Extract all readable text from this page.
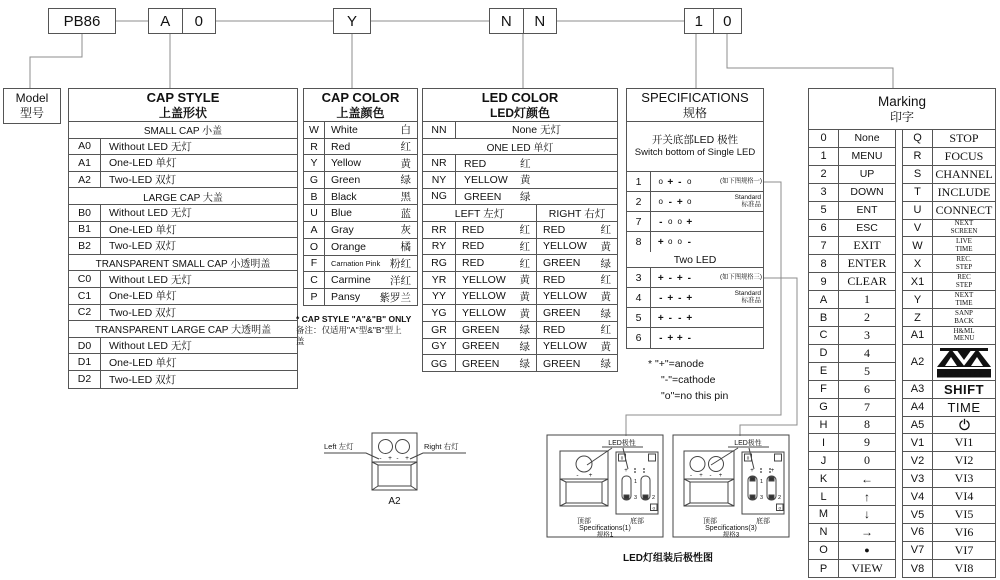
PB86	A	0	Y	N	N	1	0
Model
型号
CAP STYLE
上盖形状
SMALL CAP 小盖
A0	Without LED 无灯
A1	One-LED 单灯
A2	Two-LED 双灯
LARGE CAP 大盖
B0	Without LED 无灯
B1	One-LED 单灯
B2	Two-LED 双灯
TRANSPARENT SMALL CAP 小透明盖
C0	Without LED 无灯
C1	One-LED 单灯
C2	Two-LED 双灯
TRANSPARENT LARGE CAP 大透明盖
D0	Without LED 无灯
D1	One-LED 单灯
D2	Two-LED 双灯
CAP COLOR
上盖颜色
W	White	白
R	Red	红
Y	Yellow	黄
G	Green	绿
B	Black	黑
U	Blue	蓝
A	Gray	灰
O	Orange	橘
F	Carnation Pink 粉红
C	Carmine 洋红
P	Pansy 紫罗兰
* CAP STYLE "A"&"B" ONLY
备注：仅适用"A"型&"B"型上
盖
LED COLOR
LED灯颜色
NN	None 无灯
ONE LED 单灯
NR	RED	红
NY	YELLOW 黄
NG	GREEN 绿
LEFT 左灯	RIGHT 右灯
RR	RED	红 RED	红
RY	RED	红 YELLOW 黄
RG	RED	红 GREEN 绿
YR	YELLOW 黄 RED	红
YY	YELLOW 黄 YELLOW 黄
YG	YELLOW 黄 GREEN 绿
GR	GREEN 绿 RED	红
GY	GREEN 绿 YELLOW 黄
GG	GREEN 绿 GREEN 绿
SPECIFICATIONS
规格
开关底部LED 极性
Switch bottom of Single LED
1	o + - o	(如下图规格一)
2	o - + o	Standard
标准品
7	- o o +
8	+ o o -
Two LED
3	+ - + -	(如下图规格三)
4	- + - +	Standard
标准品
5	+ - - +
6	- + + -
* "+"=anode
"-"=cathode
"o"=no this pin
Marking
印字
0	None
1	MENU
2	UP
3	DOWN
5	ENT
6	ESC
7	EXIT
8	ENTER
9	CLEAR
A	1
B	2
C	3
D	4
E	5
F	6
G	7
H	8
I	9
J	0
K	←
L	↑
M	↓
N	→
O	●
P	VIEW
Q	STOP
R	FOCUS
S	CHANNEL
T	INCLUDE
U	CONNECT
V	NEXT
SCREEN
W	LIVE
TIME
X	REC.
STEP
X1	REC
STEP
Y	NEXT
TIME
Z	SANP
BACK
A1	H&ML
MENU
A2
AVOLITES
A3	SHIFT
A4	TIME
A5
V1	VI1
V2	VI2
V3	VI3
V4	VI4
V5	VI5
V6	VI6
V7	VI7
V8	VI8
- + - +
Left 左灯	Right 右灯
A2
LED极性
- +
0
+
1
3	2
o
顶部	底部
Specifications(1)
规格1
LED极性
- + - +
0
+	+
1
3	2
o
顶部	底部
Specifications(3)
规格3
LED灯组装后极性图
